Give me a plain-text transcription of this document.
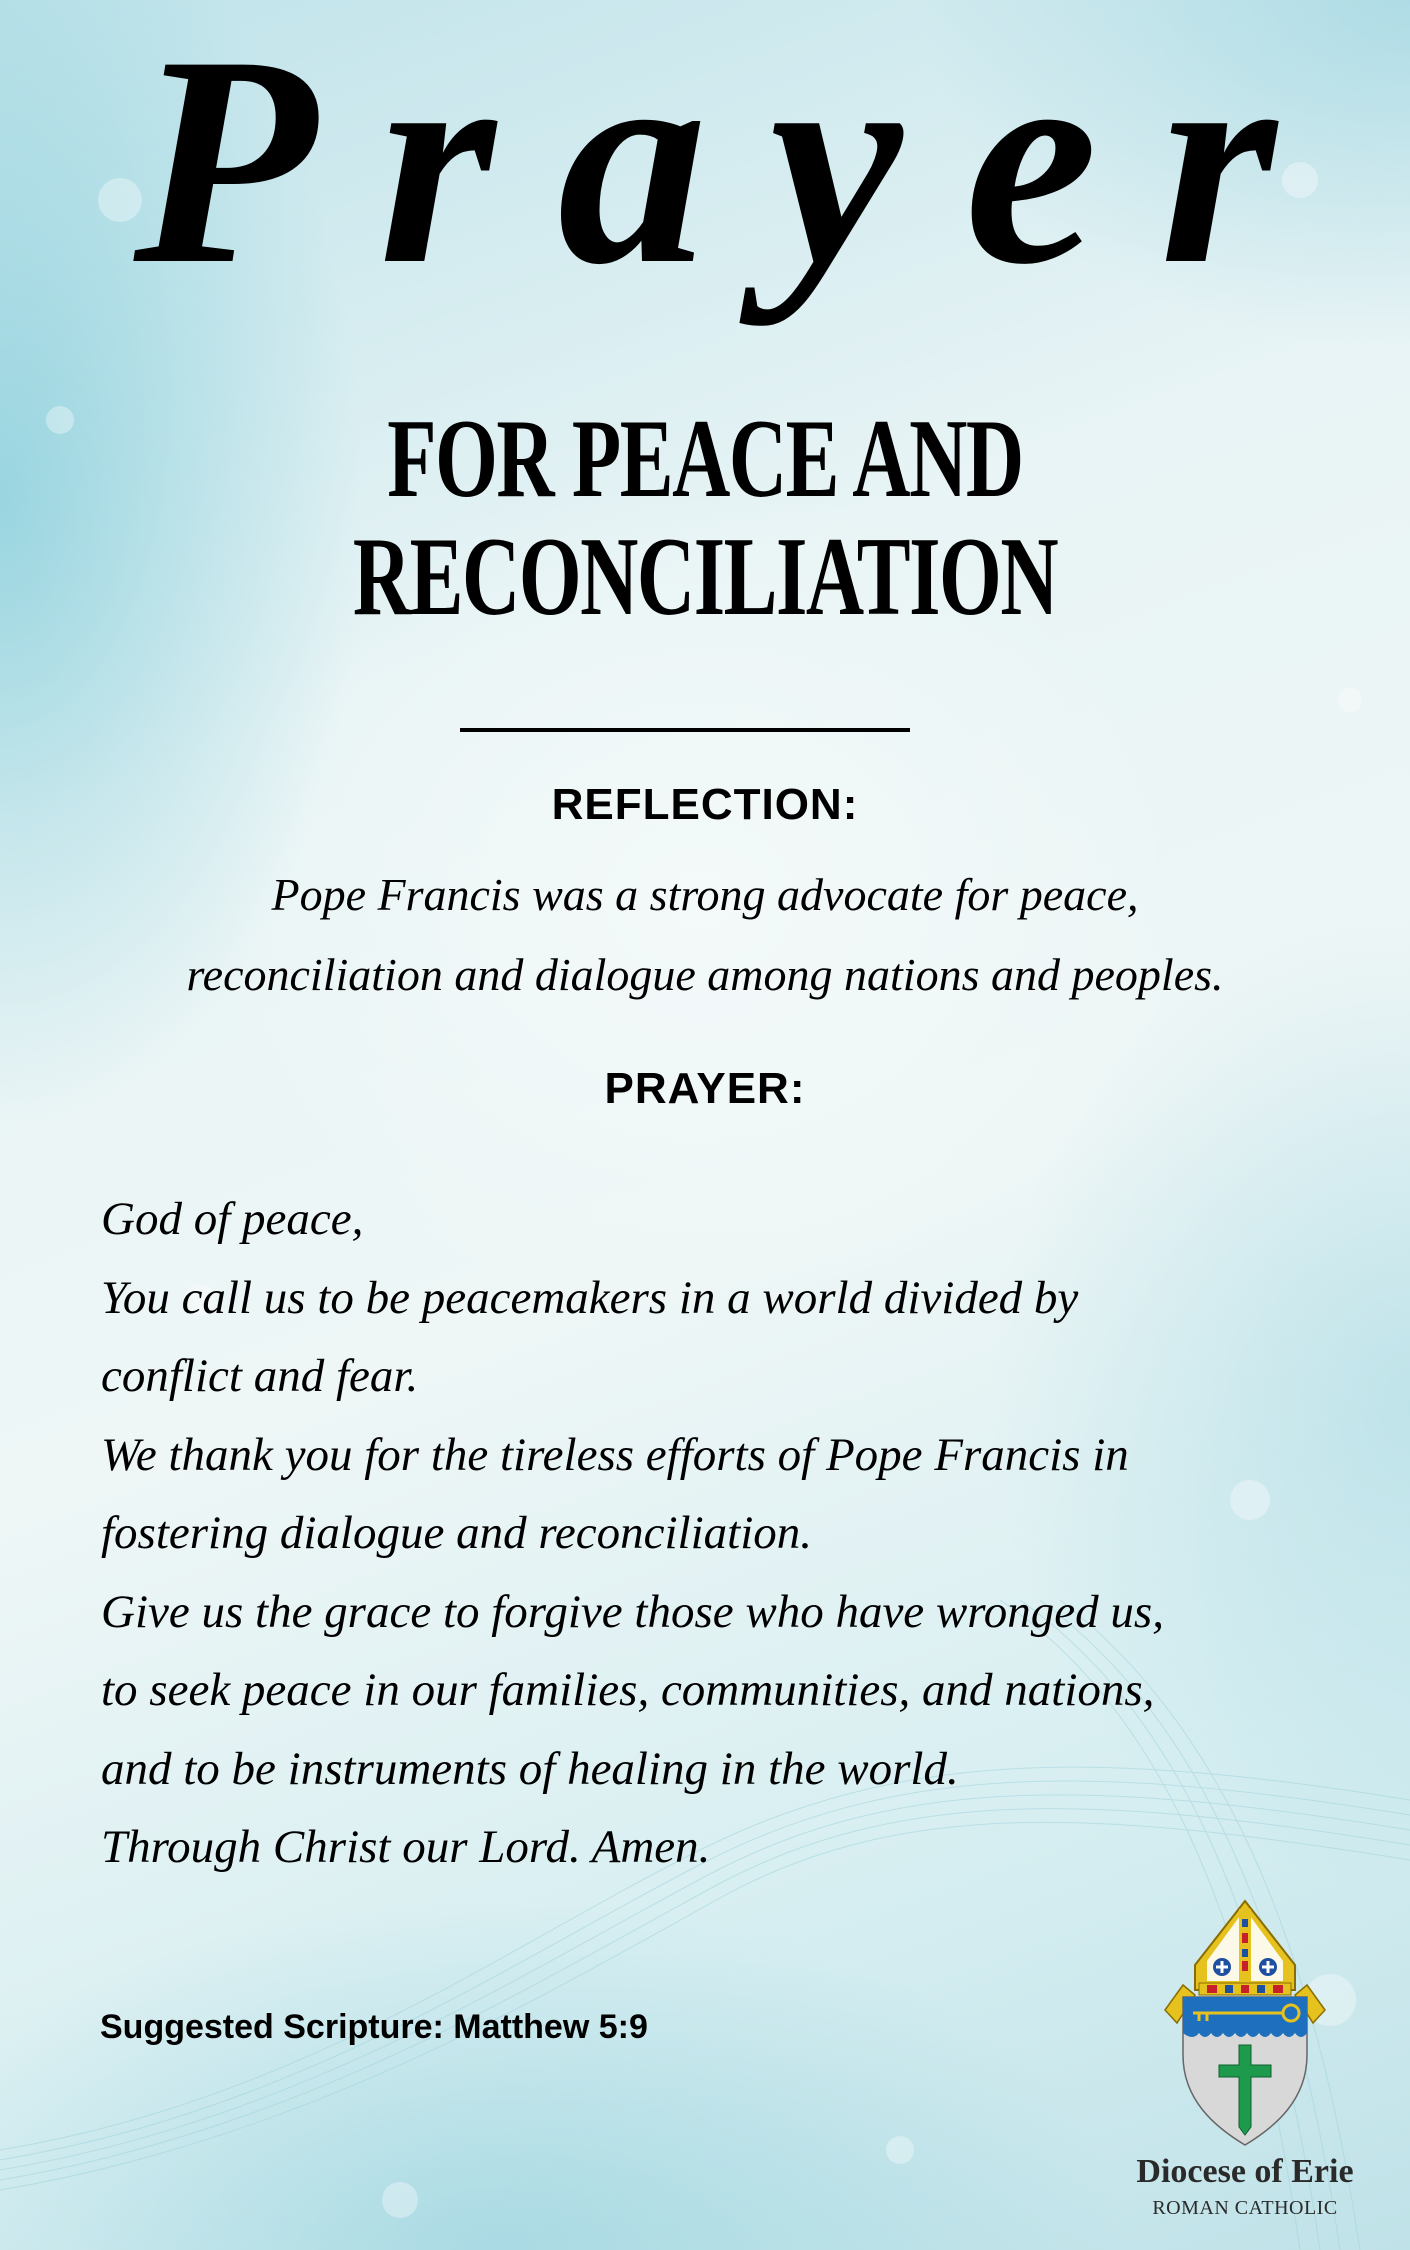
Prayer
FOR PEACE AND
RECONCILIATION
REFLECTION:
Pope Francis was a strong advocate for peace,
reconciliation and dialogue among nations and peoples.
PRAYER:
God of peace,
You call us to be peacemakers in a world divided by
conflict and fear.
We thank you for the tireless efforts of Pope Francis in
fostering dialogue and reconciliation.
Give us the grace to forgive those who have wronged us,
to seek peace in our families, communities, and nations,
and to be instruments of healing in the world.
Through Christ our Lord. Amen.
Suggested Scripture: Matthew 5:9
Diocese of Erie
ROMAN CATHOLIC
